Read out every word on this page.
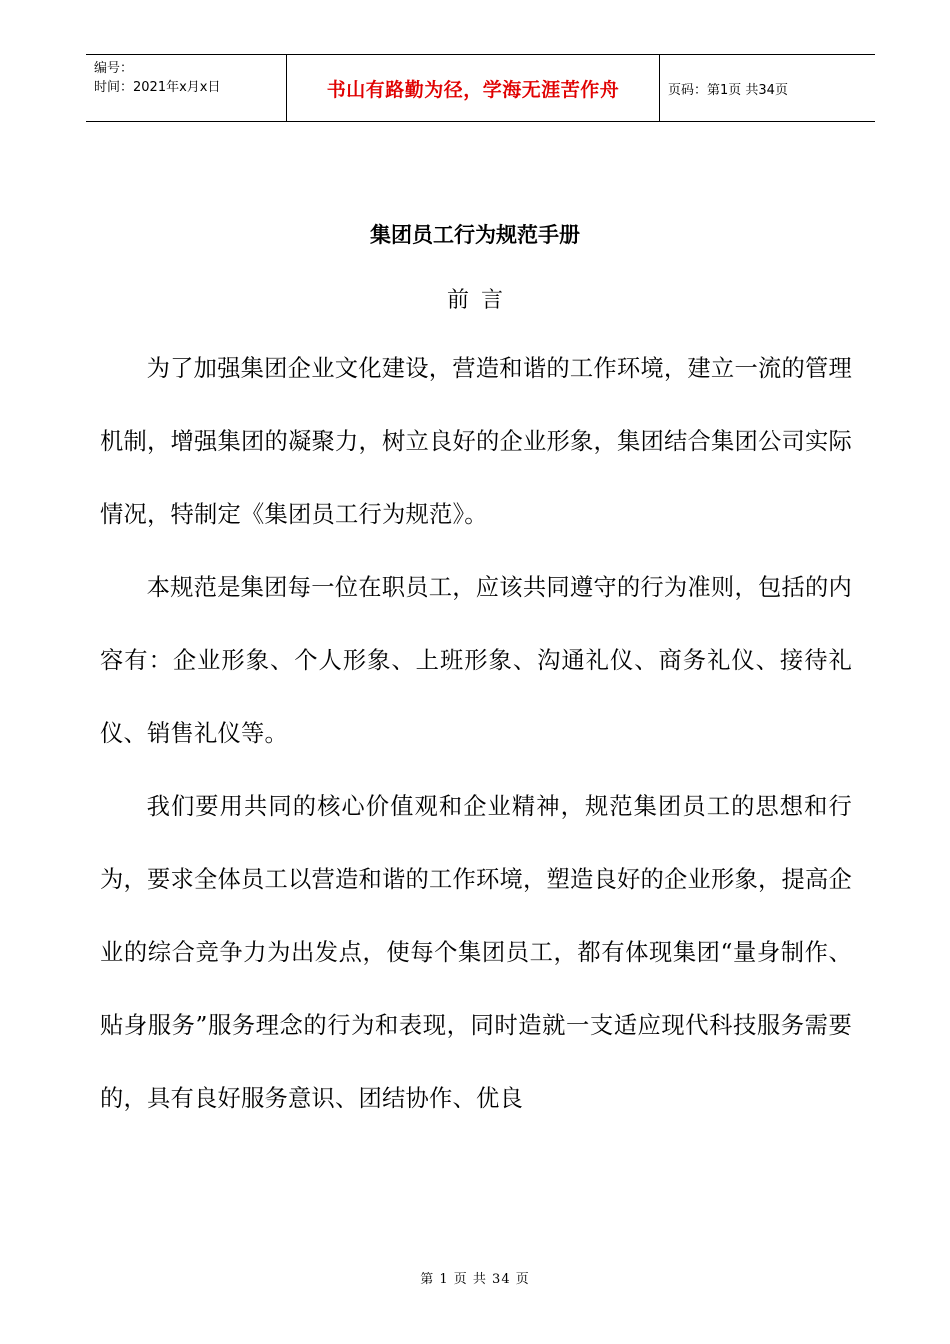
编号：
时间：2021年x月x日	书山有路勤为径，学海无涯苦作舟	页码：第1页 共34页
集团员工行为规范手册
前言

为了加强集团企业文化建设，营造和谐的工作环境，建立一流的管理机制，增强集团的凝聚力，树立良好的企业形象，集团结合集团公司实际情况，特制定《集团员工行为规范》。

本规范是集团每一位在职员工，应该共同遵守的行为准则，包括的内容有：企业形象、个人形象、上班形象、沟通礼仪、商务礼仪、接待礼仪、销售礼仪等。

我们要用共同的核心价值观和企业精神，规范集团员工的思想和行为，要求全体员工以营造和谐的工作环境，塑造良好的企业形象，提高企业的综合竞争力为出发点，使每个集团员工，都有体现集团“量身制作、贴身服务”服务理念的行为和表现，同时造就一支适应现代科技服务需要的，具有良好服务意识、团结协作、优良

第 1 页 共 34 页
